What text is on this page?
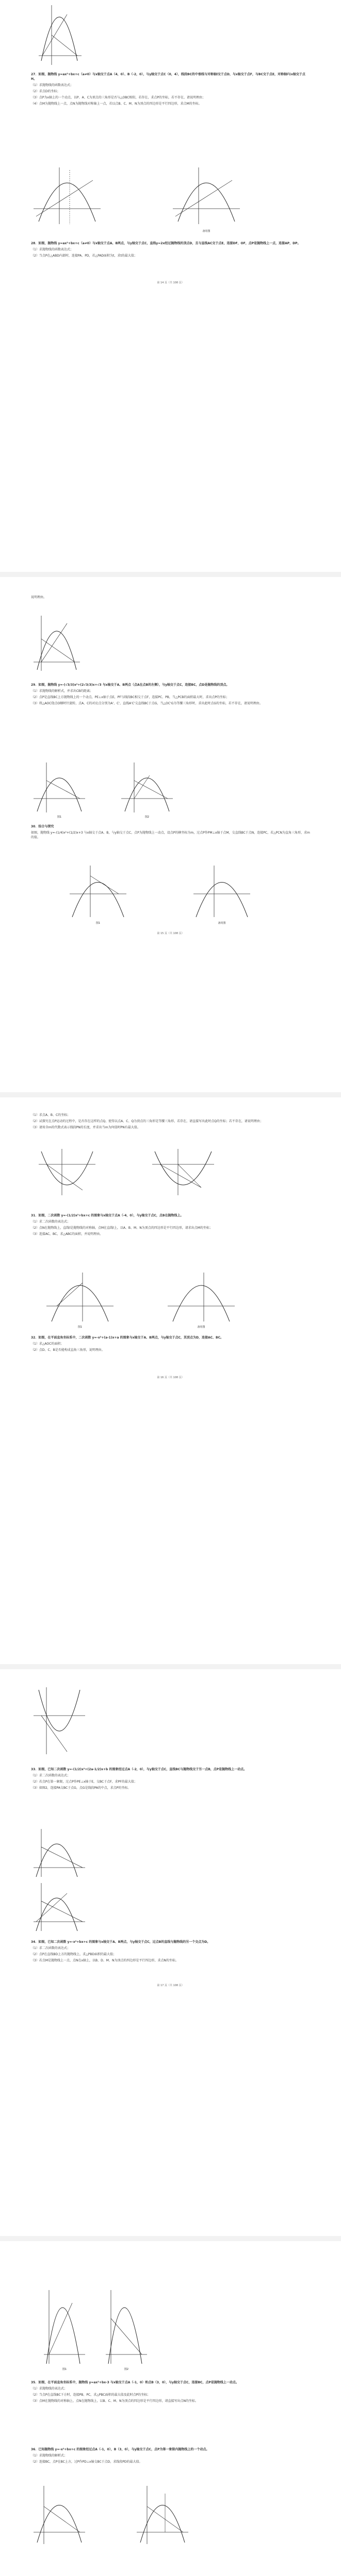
27．如图，抛物线 y=ax²+bx+c（a≠0）与x轴交于点A（4，0）、B（-2，0），与y轴交于点C（0，4），线段BC的中垂线与对称轴l交于点D，与x轴交于点F，与BC交于点E，对称轴l与x轴交于点H。

（1）求抛物线的函数表达式；

（2）求点D的坐标；

（3）点P为x轴上的一个动点，以P、A、C为顶点的三角形是否与△OBC相似，若存在，求点P的坐标，若不存在，请说明理由；

（4）点M为抛物线上一点，点N为抛物线对称轴上一点，若以点B、C、M、N为顶点的四边形是平行四边形，求点M的坐标。

备用图

28．如图，抛物线 y=ax²+bx+c（a≠0）与x轴交于点A、B两点，与y轴交于点C，直线y=2x经过抛物线的顶点D，且与直线AC交于点E，连接DF，OF，点P是抛物线上一点，连接AP，DP。

（1）求抛物线的函数表达式；

（2）当点P在△ABD内部时，连接PA、PD，若△PAD面积为t，求t的最大值；

第 14 页（共 108 页）

说明理由。

29．如图，抛物线 y=-(√3/3)x²+(2√3/3)x+√3 与x轴交于A、B两点（点A在点B的左侧），与y轴交于点C，连接BC，点D是抛物线的顶点。

（1）求抛物线的解析式，并求出CB的距离；

（2）点P是直线BC上方抛物线上的一个动点，PE⊥x轴于点E，PF与线段BC相交于点F，连接PC、PB，当△PCB的面积最大时，求出点P的坐标；

（3）将△AOC绕点O顺时针旋转，点A、C的对应点分别为A'、C'，直线A'C'交直线BC于点G，当△OC'G为等腰三角形时，求出此时点G的坐标，若不存在，请说明理由。

图1	图2

30．综合与探究

如图，抛物线 y=-(1/4)x²+(1/2)x+3 与x轴交于点A、B，与y轴交于点C，点P为抛物线上一动点，设点P的横坐标为m，过点P作PM⊥x轴于点M，交直线BC于点N，连接PC，若△PCN为直角三角形，求m的值。

图1	备用图
第 15 页（共 108 页）

（1）求点A、B、C的坐标；

（2）试探究在点P运动的过程中，是否存在这样的点Q，使得以点A、C、Q为顶点的三角形是等腰三角形，若存在，请直接写出此时点Q的坐标；若不存在，请说明理由；

（3）请用含m的代数式表示线段PN的长度，并求出当m为何值时PN有最大值。

31．如图，二次函数 y=-(1/2)x²+bx+c 的图象与x轴交于点A（-4，0），与y轴交于点C，点B在抛物线上。

（1）求二次函数的表达式；

（2）点N在抛物线上，直线l是抛物线的对称轴，点M在直线l上，以A、B、M、N为顶点的四边形是平行四边形，请求出点M的坐标；

（3）连接AC，BC，求△ABC的面积，并说明理由。

图1	备用图

32．如图，在平面直角坐标系中，二次函数 y=-x²+(a-1)x+a 的图象与x轴交于A、B两点，与y轴交于点C，其顶点为D，连接AC、BC。

（1）求△AOC的面积；

（2）点D、C、B是否能构成直角三角形，说明理由。

第 16 页（共 108 页）

33．如图，已知二次函数 y=-(1/2)x²+(2a-1/2)x+b 的图象经过点A（-2，0），与y轴交于点C，直线BC与抛物线交于另一点B，点P是抛物线上一动点。

（1）求二次函数的表达式；

（2）若点P在第一象限，过点P作PE⊥x轴于E，交BC于点F，求PF的最大值；

（3）如图2，连接PA交BC于点G，点G是线段PA的中点，求点P的坐标。

34．如图，已知二次函数 y=-x²+bx+c 的图象与x轴交于A、B两点，与y轴交于点C，过点B的直线与抛物线的另一个交点为D。

（1）求二次函数的表达式；

（2）点P在直线BD上方的抛物线上，求△PBD面积的最大值；

（3）若点M是抛物线上一点，点N在x轴上，以B、D、M、N为顶点的四边形是平行四边形，求点N的坐标。

第 17 页（共 108 页）
图1	图2

35．如图，在平面直角坐标系中，抛物线 y=ax²+bx-3 与x轴交于点A（-1，0）和点B（3，0），与y轴交于点C，连接BC，点P是抛物线上一动点。

（1）求抛物线的表达式；

（2）当点P在直线BC下方时，连接PB、PC，求△PBC面积的最大值及此时点P的坐标；

（3）点M在抛物线的对称轴上，点N在抛物线上，以B、C、M、N为顶点的四边形是平行四边形，请直接写出点N的坐标。

36．已知抛物线 y=-x²+bx+c 的图象经过点A（-1，0），B（3，0），与y轴交于点C，点P为第一象限内抛物线上的一个动点。

（1）求抛物线的解析式；

（2）连接BC，点P在BC上方，过P作PD⊥x轴交BC于点D，求线段PD的最大值。
